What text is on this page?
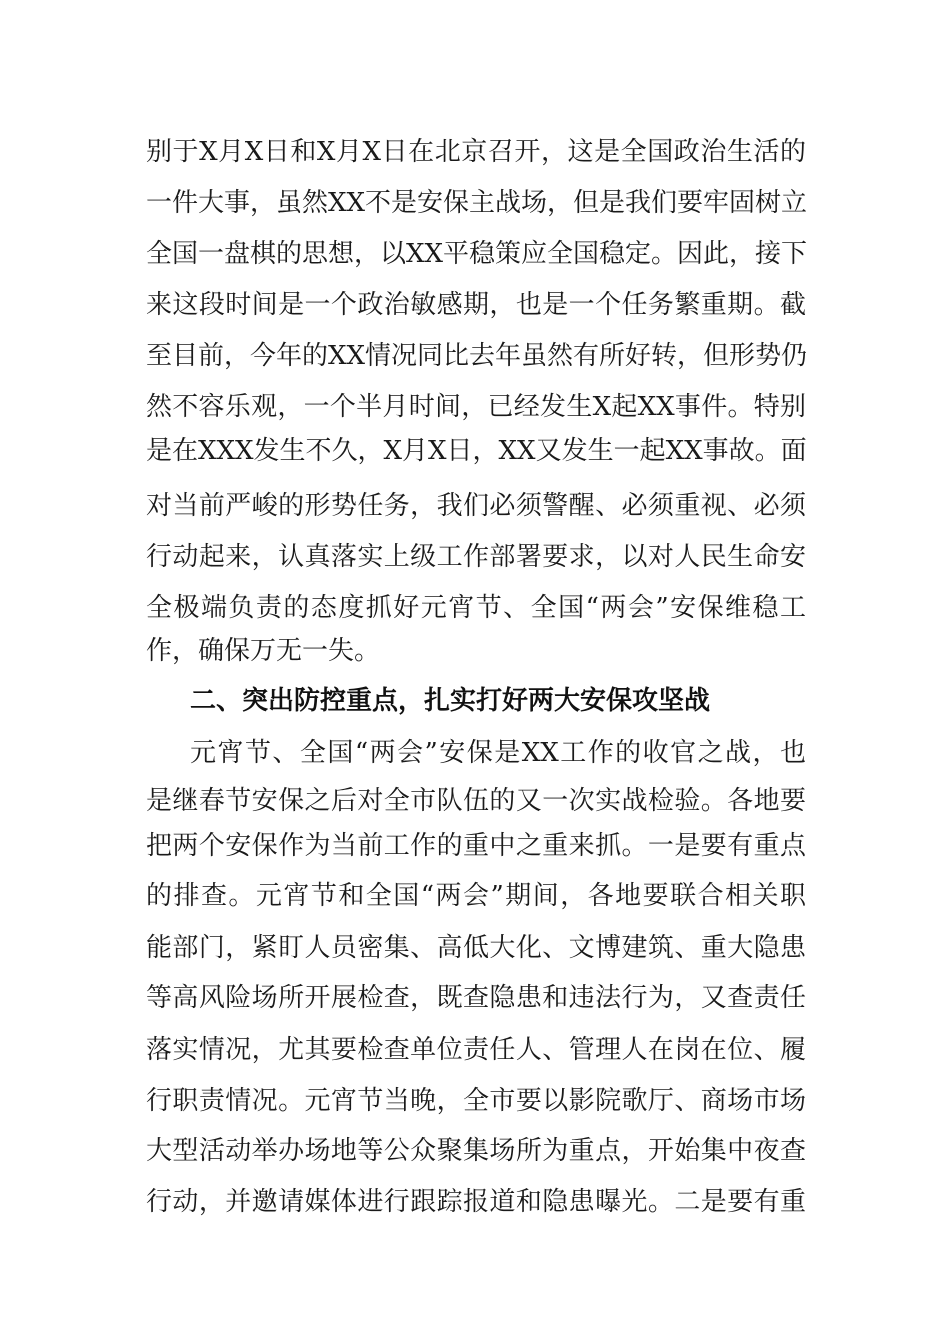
别于X月X日和X月X日在北京召开，这是全国政治生活的
一件大事，虽然XX不是安保主战场，但是我们要牢固树立
全国一盘棋的思想，以XX平稳策应全国稳定。因此，接下
来这段时间是一个政治敏感期，也是一个任务繁重期。截
至目前，今年的XX情况同比去年虽然有所好转，但形势仍
然不容乐观，一个半月时间，已经发生X起XX事件。特别
是在XXX发生不久，X月X日，XX又发生一起XX事故。面
对当前严峻的形势任务，我们必须警醒、必须重视、必须
行动起来，认真落实上级工作部署要求，以对人民生命安
全极端负责的态度抓好元宵节、全国“两会”安保维稳工
作，确保万无一失。
二、突出防控重点，扎实打好两大安保攻坚战
元宵节、全国“两会”安保是XX工作的收官之战，也
是继春节安保之后对全市队伍的又一次实战检验。各地要
把两个安保作为当前工作的重中之重来抓。一是要有重点
的排查。元宵节和全国“两会”期间，各地要联合相关职
能部门，紧盯人员密集、高低大化、文博建筑、重大隐患
等高风险场所开展检查，既查隐患和违法行为，又查责任
落实情况，尤其要检查单位责任人、管理人在岗在位、履
行职责情况。元宵节当晚，全市要以影院歌厅、商场市场
大型活动举办场地等公众聚集场所为重点，开始集中夜查
行动，并邀请媒体进行跟踪报道和隐患曝光。二是要有重
